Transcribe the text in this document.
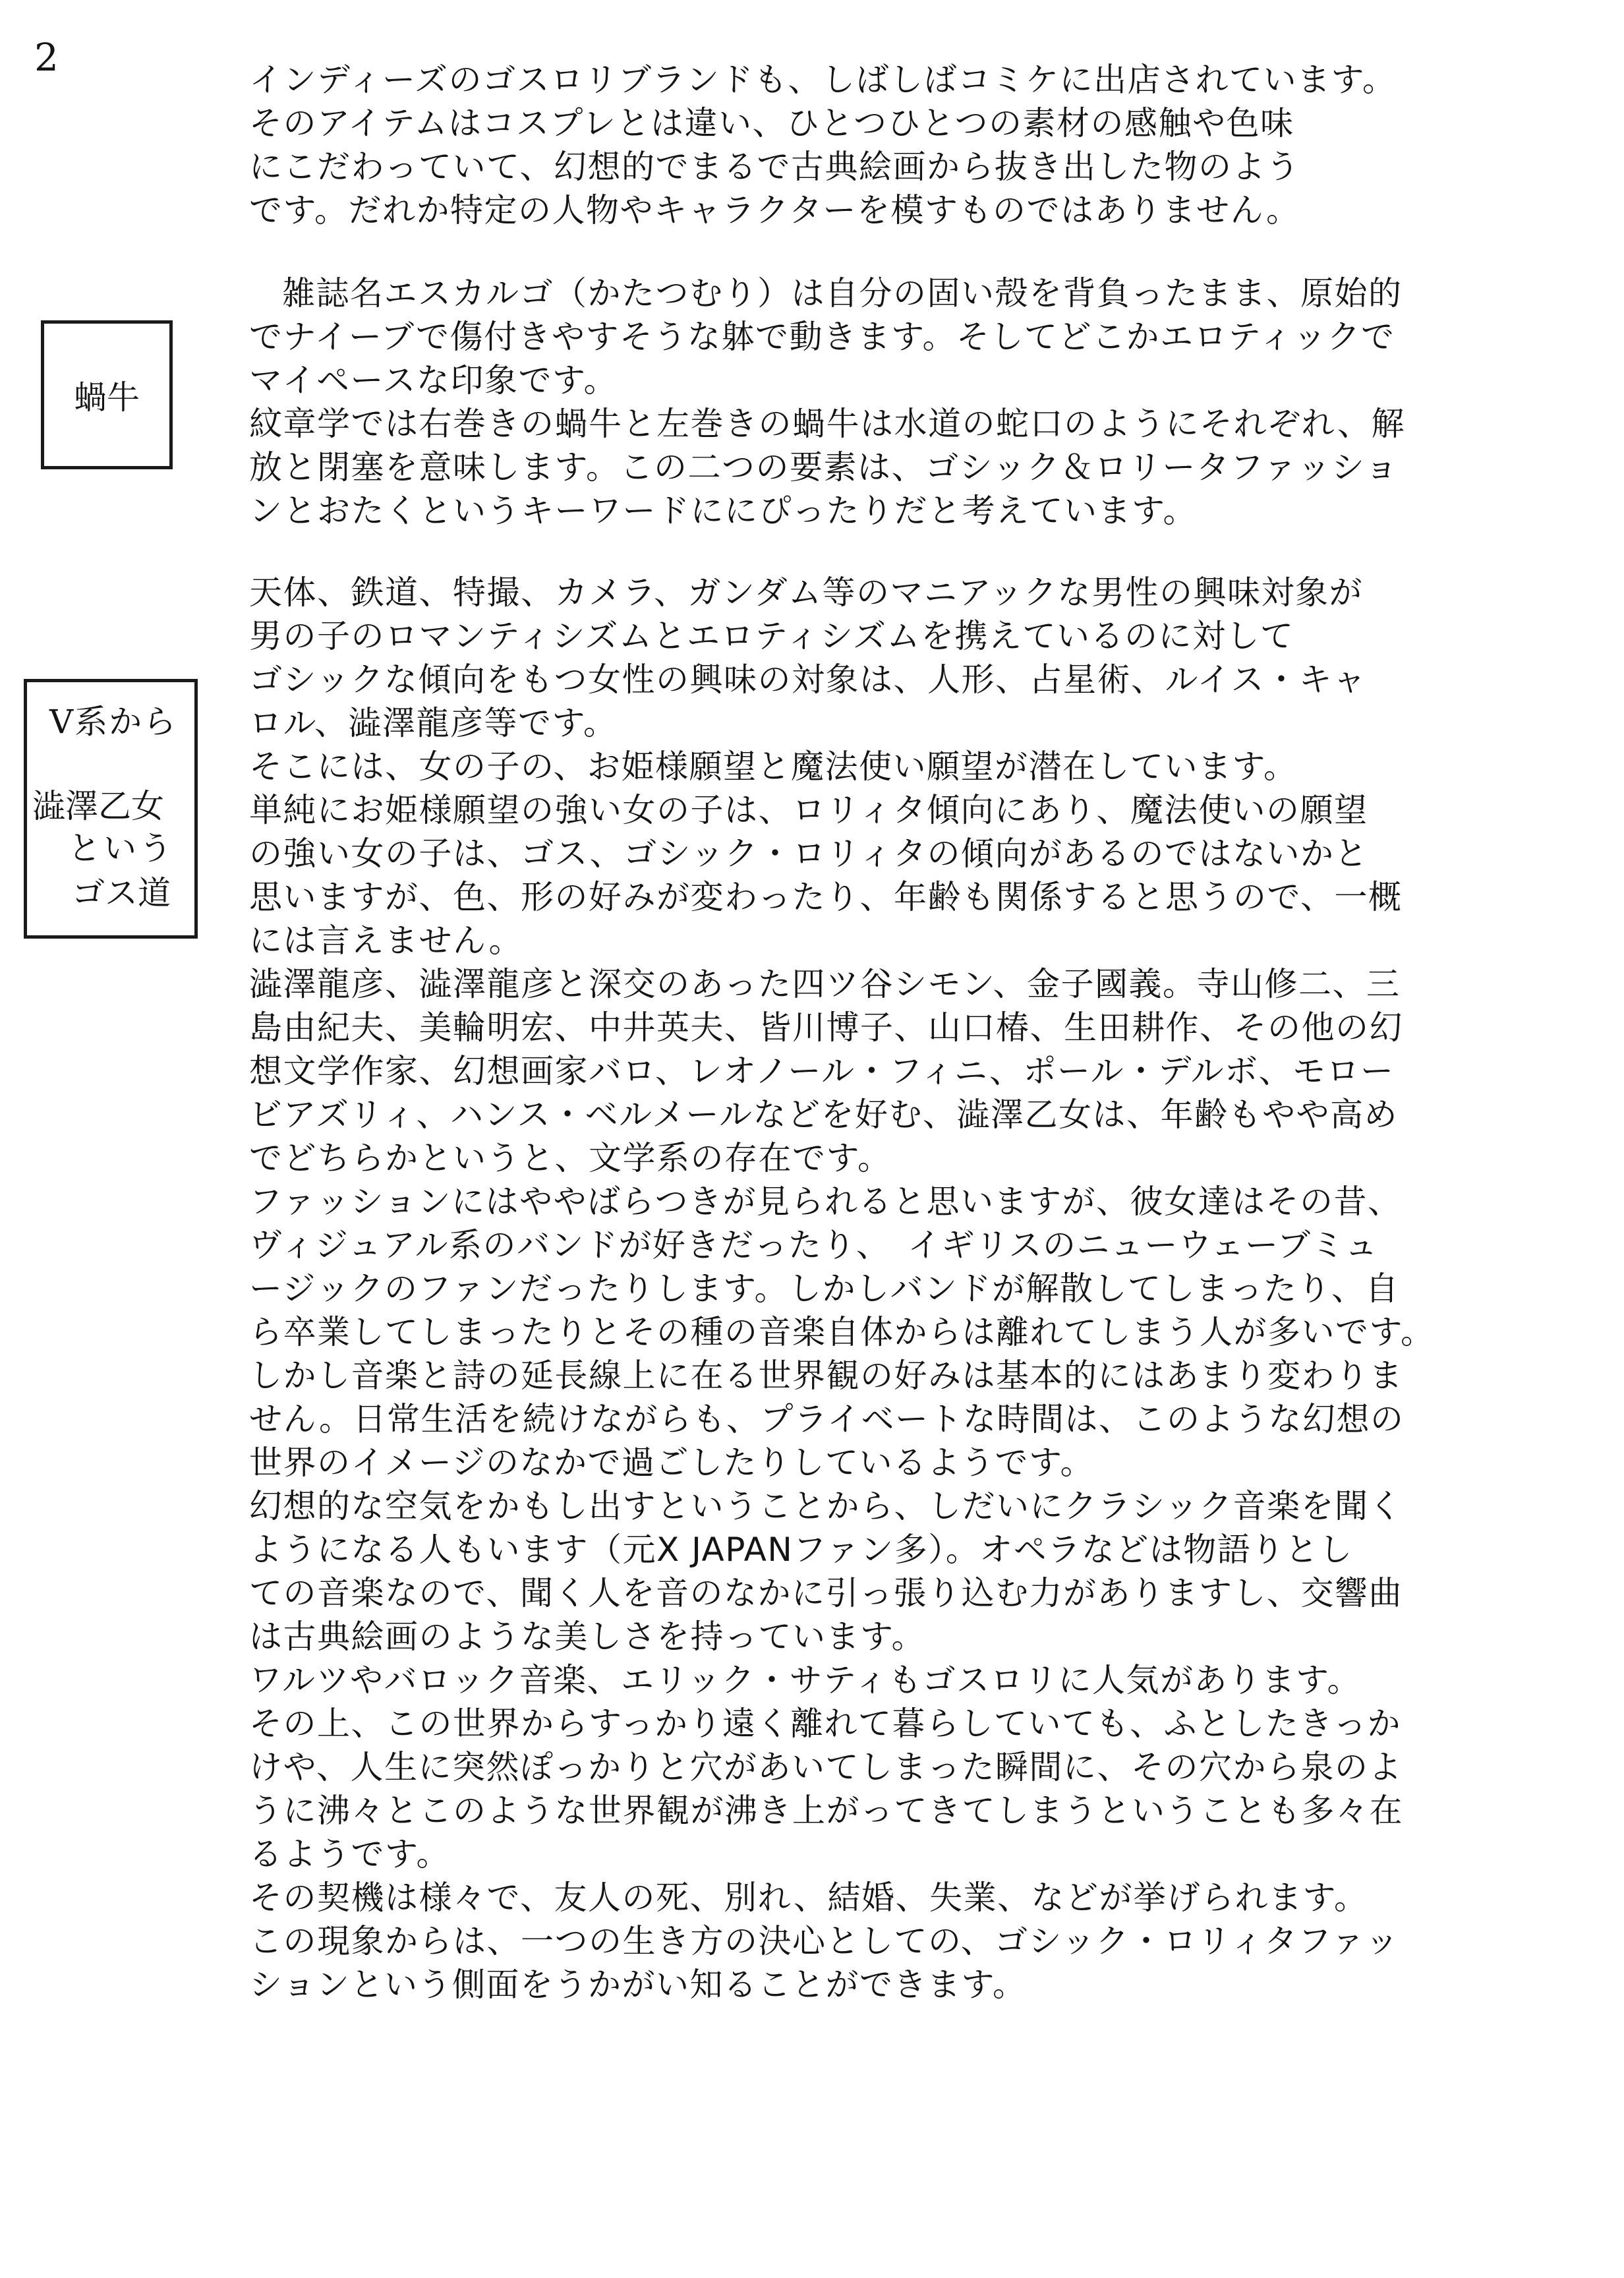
2
蝸牛
V系から
澁澤乙女
という
ゴス道
インディーズのゴスロリブランドも、しばしばコミケに出店されています。
そのアイテムはコスプレとは違い、ひとつひとつの素材の感触や色味
にこだわっていて、幻想的でまるで古典絵画から抜き出した物のよう
です。だれか特定の人物やキャラクターを模すものではありません。
雑誌名エスカルゴ（かたつむり）は自分の固い殻を背負ったまま、原始的
でナイーブで傷付きやすそうな躰で動きます。そしてどこかエロティックで
マイペースな印象です。
紋章学では右巻きの蝸牛と左巻きの蝸牛は水道の蛇口のようにそれぞれ、解
放と閉塞を意味します。この二つの要素は、ゴシック＆ロリータファッショ
ンとおたくというキーワードににぴったりだと考えています。
天体、鉄道、特撮、カメラ、ガンダム等のマニアックな男性の興味対象が
男の子のロマンティシズムとエロティシズムを携えているのに対して
ゴシックな傾向をもつ女性の興味の対象は、人形、占星術、ルイス・キャ
ロル、澁澤龍彦等です。
そこには、女の子の、お姫様願望と魔法使い願望が潜在しています。
単純にお姫様願望の強い女の子は、ロリィタ傾向にあり、魔法使いの願望
の強い女の子は、ゴス、ゴシック・ロリィタの傾向があるのではないかと
思いますが、色、形の好みが変わったり、年齢も関係すると思うので、一概
には言えません。
澁澤龍彦、澁澤龍彦と深交のあった四ツ谷シモン、金子國義。寺山修二、三
島由紀夫、美輪明宏、中井英夫、皆川博子、山口椿、生田耕作、その他の幻
想文学作家、幻想画家バロ、レオノール・フィニ、ポール・デルボ、モロー
ビアズリィ、ハンス・ベルメールなどを好む、澁澤乙女は、年齢もやや高め
でどちらかというと、文学系の存在です。
ファッションにはややばらつきが見られると思いますが、彼女達はその昔、
ヴィジュアル系のバンドが好きだったり、　イギリスのニューウェーブミュ
ージックのファンだったりします。しかしバンドが解散してしまったり、自
ら卒業してしまったりとその種の音楽自体からは離れてしまう人が多いです。
しかし音楽と詩の延長線上に在る世界観の好みは基本的にはあまり変わりま
せん。日常生活を続けながらも、プライベートな時間は、このような幻想の
世界のイメージのなかで過ごしたりしているようです。
幻想的な空気をかもし出すということから、しだいにクラシック音楽を聞く
ようになる人もいます（元X JAPANファン多）。オペラなどは物語りとし
ての音楽なので、聞く人を音のなかに引っ張り込む力がありますし、交響曲
は古典絵画のような美しさを持っています。
ワルツやバロック音楽、エリック・サティもゴスロリに人気があります。
その上、この世界からすっかり遠く離れて暮らしていても、ふとしたきっか
けや、人生に突然ぽっかりと穴があいてしまった瞬間に、その穴から泉のよ
うに沸々とこのような世界観が沸き上がってきてしまうということも多々在
るようです。
その契機は様々で、友人の死、別れ、結婚、失業、などが挙げられます。
この現象からは、一つの生き方の決心としての、ゴシック・ロリィタファッ
ションという側面をうかがい知ることができます。
